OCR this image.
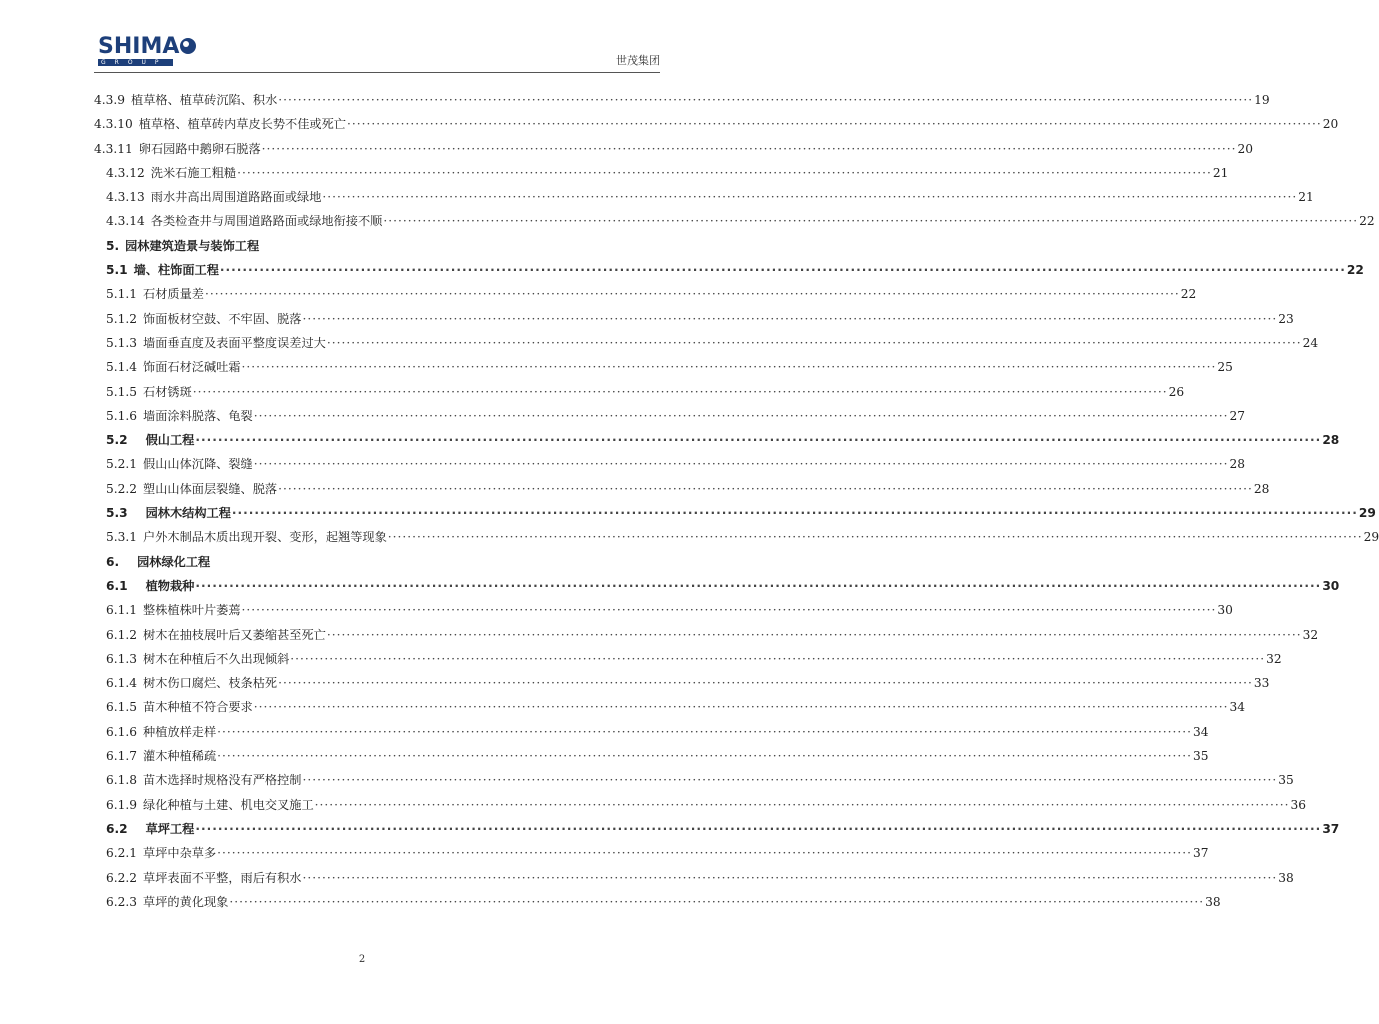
SHIMA
GROUP	世茂集团
4.3.9 植草格、植草砖沉陷、积水 ········································································································································································································ 19
4.3.10 植草格、植草砖内草皮长势不佳或死亡 ········································································································································································································ 20
4.3.11 卵石园路中鹅卵石脱落 ········································································································································································································ 20
4.3.12 洗米石施工粗糙 ········································································································································································································ 21
4.3.13 雨水井高出周围道路路面或绿地 ········································································································································································································ 21
4.3.14 各类检查井与周围道路路面或绿地衔接不顺 ········································································································································································································ 22
5. 园林建筑造景与装饰工程
5.1 墙、柱饰面工程 ········································································································································································································ 22
5.1.1 石材质量差 ········································································································································································································ 22
5.1.2 饰面板材空鼓、不牢固、脱落 ········································································································································································································ 23
5.1.3 墙面垂直度及表面平整度误差过大 ········································································································································································································ 24
5.1.4 饰面石材泛碱吐霜 ········································································································································································································ 25
5.1.5 石材锈斑 ········································································································································································································ 26
5.1.6 墙面涂料脱落、龟裂 ········································································································································································································ 27
5.2 假山工程 ········································································································································································································ 28
5.2.1 假山山体沉降、裂缝 ········································································································································································································ 28
5.2.2 塑山山体面层裂缝、脱落 ········································································································································································································ 28
5.3 园林木结构工程 ········································································································································································································ 29
5.3.1 户外木制品木质出现开裂、变形，起翘等现象 ········································································································································································································ 29
6. 园林绿化工程
6.1 植物栽种 ········································································································································································································ 30
6.1.1 整株植株叶片萎蔫 ········································································································································································································ 30
6.1.2 树木在抽枝展叶后又萎缩甚至死亡 ········································································································································································································ 32
6.1.3 树木在种植后不久出现倾斜 ········································································································································································································ 32
6.1.4 树木伤口腐烂、枝条枯死 ········································································································································································································ 33
6.1.5 苗木种植不符合要求 ········································································································································································································ 34
6.1.6 种植放样走样 ········································································································································································································ 34
6.1.7 灌木种植稀疏 ········································································································································································································ 35
6.1.8 苗木选择时规格没有严格控制 ········································································································································································································ 35
6.1.9 绿化种植与土建、机电交叉施工 ········································································································································································································ 36
6.2 草坪工程 ········································································································································································································ 37
6.2.1 草坪中杂草多 ········································································································································································································ 37
6.2.2 草坪表面不平整，雨后有积水 ········································································································································································································ 38
6.2.3 草坪的黄化现象 ········································································································································································································ 38
2
